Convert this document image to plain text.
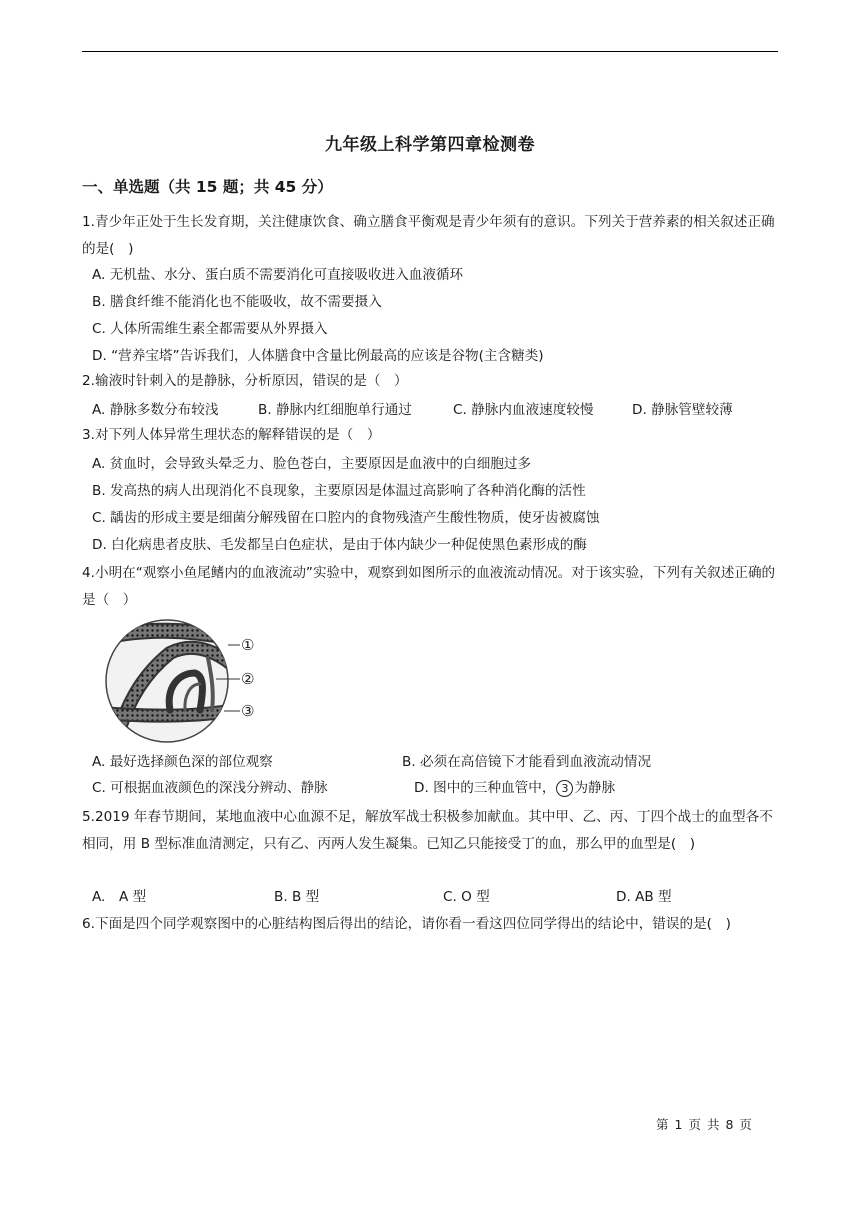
九年级上科学第四章检测卷
一、单选题（共 15 题；共 45 分）
1.青少年正处于生长发育期，关注健康饮食、确立膳食平衡观是青少年须有的意识。下列关于营养素的相关叙述正确的是(　)
A. 无机盐、水分、蛋白质不需要消化可直接吸收进入血液循环
B. 膳食纤维不能消化也不能吸收，故不需要摄入
C. 人体所需维生素全都需要从外界摄入
D. “营养宝塔”告诉我们，人体膳食中含量比例最高的应该是谷物(主含糖类)
2.输液时针刺入的是静脉，分析原因，错误的是（　）
A. 静脉多数分布较浅	B. 静脉内红细胞单行通过	C. 静脉内血液速度较慢	D. 静脉管壁较薄
3.对下列人体异常生理状态的解释错误的是（　）
A. 贫血时，会导致头晕乏力、脸色苍白，主要原因是血液中的白细胞过多
B. 发高热的病人出现消化不良现象，主要原因是体温过高影响了各种消化酶的活性
C. 龋齿的形成主要是细菌分解残留在口腔内的食物残渣产生酸性物质，使牙齿被腐蚀
D. 白化病患者皮肤、毛发都呈白色症状，是由于体内缺少一种促使黑色素形成的酶
4.小明在“观察小鱼尾鳍内的血液流动”实验中，观察到如图所示的血液流动情况。对于该实验，下列有关叙述正确的是（　）
①
②
③
A. 最好选择颜色深的部位观察	B. 必须在高倍镜下才能看到血液流动情况
C. 可根据血液颜色的深浅分辨动、静脉	D. 图中的三种血管中， 3 为静脉
5.2019 年春节期间，某地血液中心血源不足，解放军战士积极参加献血。其中甲、乙、丙、丁四个战士的血型各不相同，用 B 型标准血清测定，只有乙、丙两人发生凝集。已知乙只能接受丁的血，那么甲的血型是(　)
A.　A 型	B. B 型	C. O 型	D. AB 型
6.下面是四个同学观察图中的心脏结构图后得出的结论，请你看一看这四位同学得出的结论中，错误的是(　)
第 1 页 共 8 页
